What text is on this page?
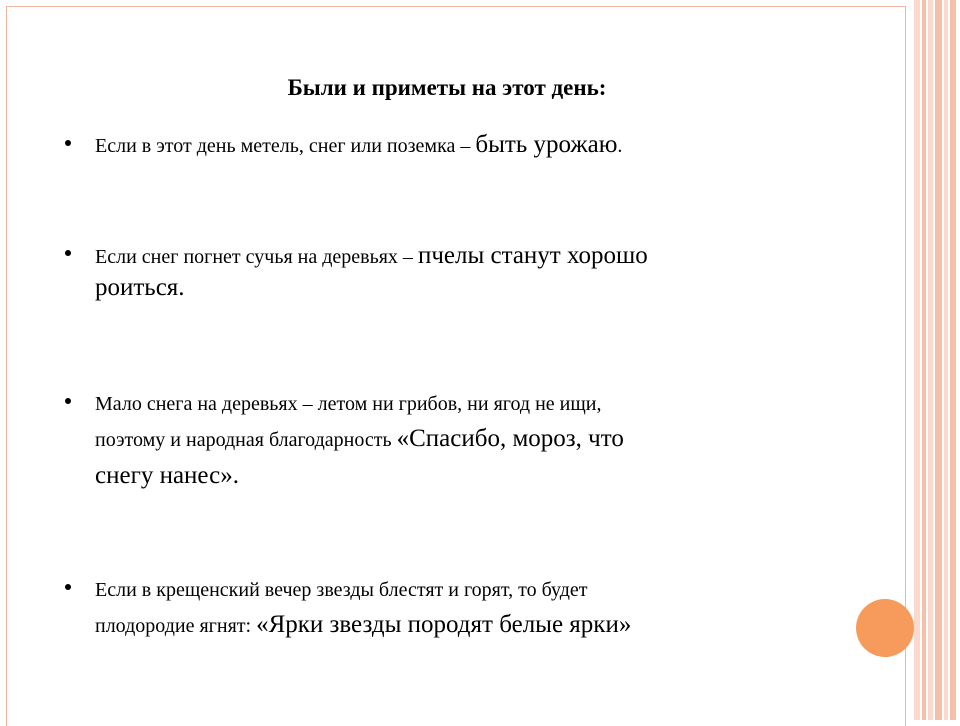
Были и приметы на этот день:
Если в этот день метель, снег или поземка – быть урожаю.
Если снег погнет сучья на деревьях – пчелы станут хорошо
роиться.
Мало снега на деревьях – летом ни грибов, ни ягод не ищи,
поэтому и народная благодарность «Спасибо, мороз, что
снегу нанес».
Если в крещенский вечер звезды блестят и горят, то будет
плодородие ягнят: «Ярки звезды породят белые ярки»
